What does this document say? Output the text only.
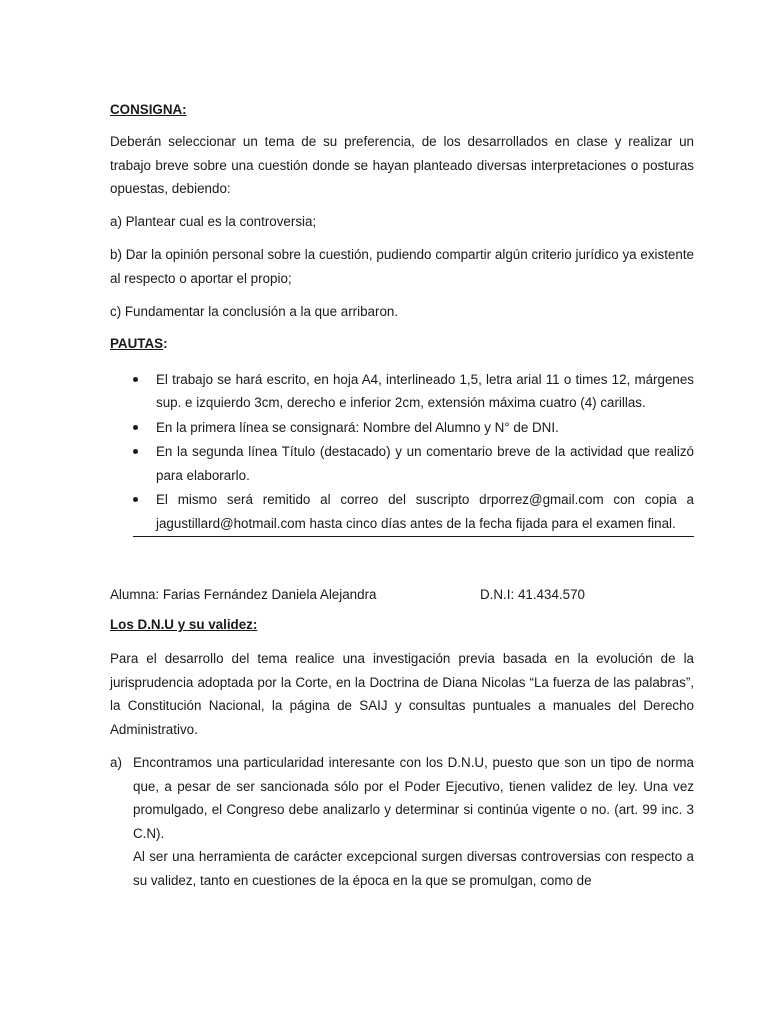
CONSIGNA:

Deberán seleccionar un tema de su preferencia, de los desarrollados en clase y realizar un trabajo breve sobre una cuestión donde se hayan planteado diversas interpretaciones o posturas opuestas, debiendo:

a) Plantear cual es la controversia;

b) Dar la opinión personal sobre la cuestión, pudiendo compartir algún criterio jurídico ya existente al respecto o aportar el propio;

c) Fundamentar la conclusión a la que arribaron.

PAUTAS:

El trabajo se hará escrito, en hoja A4, interlineado 1,5, letra arial 11 o times 12, márgenes sup. e izquierdo 3cm, derecho e inferior 2cm, extensión máxima cuatro (4) carillas.
En la primera línea se consignará: Nombre del Alumno y N° de DNI.
En la segunda línea Título (destacado) y un comentario breve de la actividad que realizó para elaborarlo.
El mismo será remitido al correo del suscripto drporrez@gmail.com con copia a jagustillard@hotmail.com hasta cinco días antes de la fecha fijada para el examen final.
Alumna: Farias Fernández Daniela Alejandra	D.N.I: 41.434.570

Los D.N.U y su validez:

Para el desarrollo del tema realice una investigación previa basada en la evolución de la jurisprudencia adoptada por la Corte, en la Doctrina de Diana Nicolas “La fuerza de las palabras”, la Constitución Nacional, la página de SAIJ y consultas puntuales a manuales del Derecho Administrativo.

a) Encontramos una particularidad interesante con los D.N.U, puesto que son un tipo de norma que, a pesar de ser sancionada sólo por el Poder Ejecutivo, tienen validez de ley. Una vez promulgado, el Congreso debe analizarlo y determinar si continúa vigente o no. (art. 99 inc. 3 C.N).

Al ser una herramienta de carácter excepcional surgen diversas controversias con respecto a su validez, tanto en cuestiones de la época en la que se promulgan, como de
